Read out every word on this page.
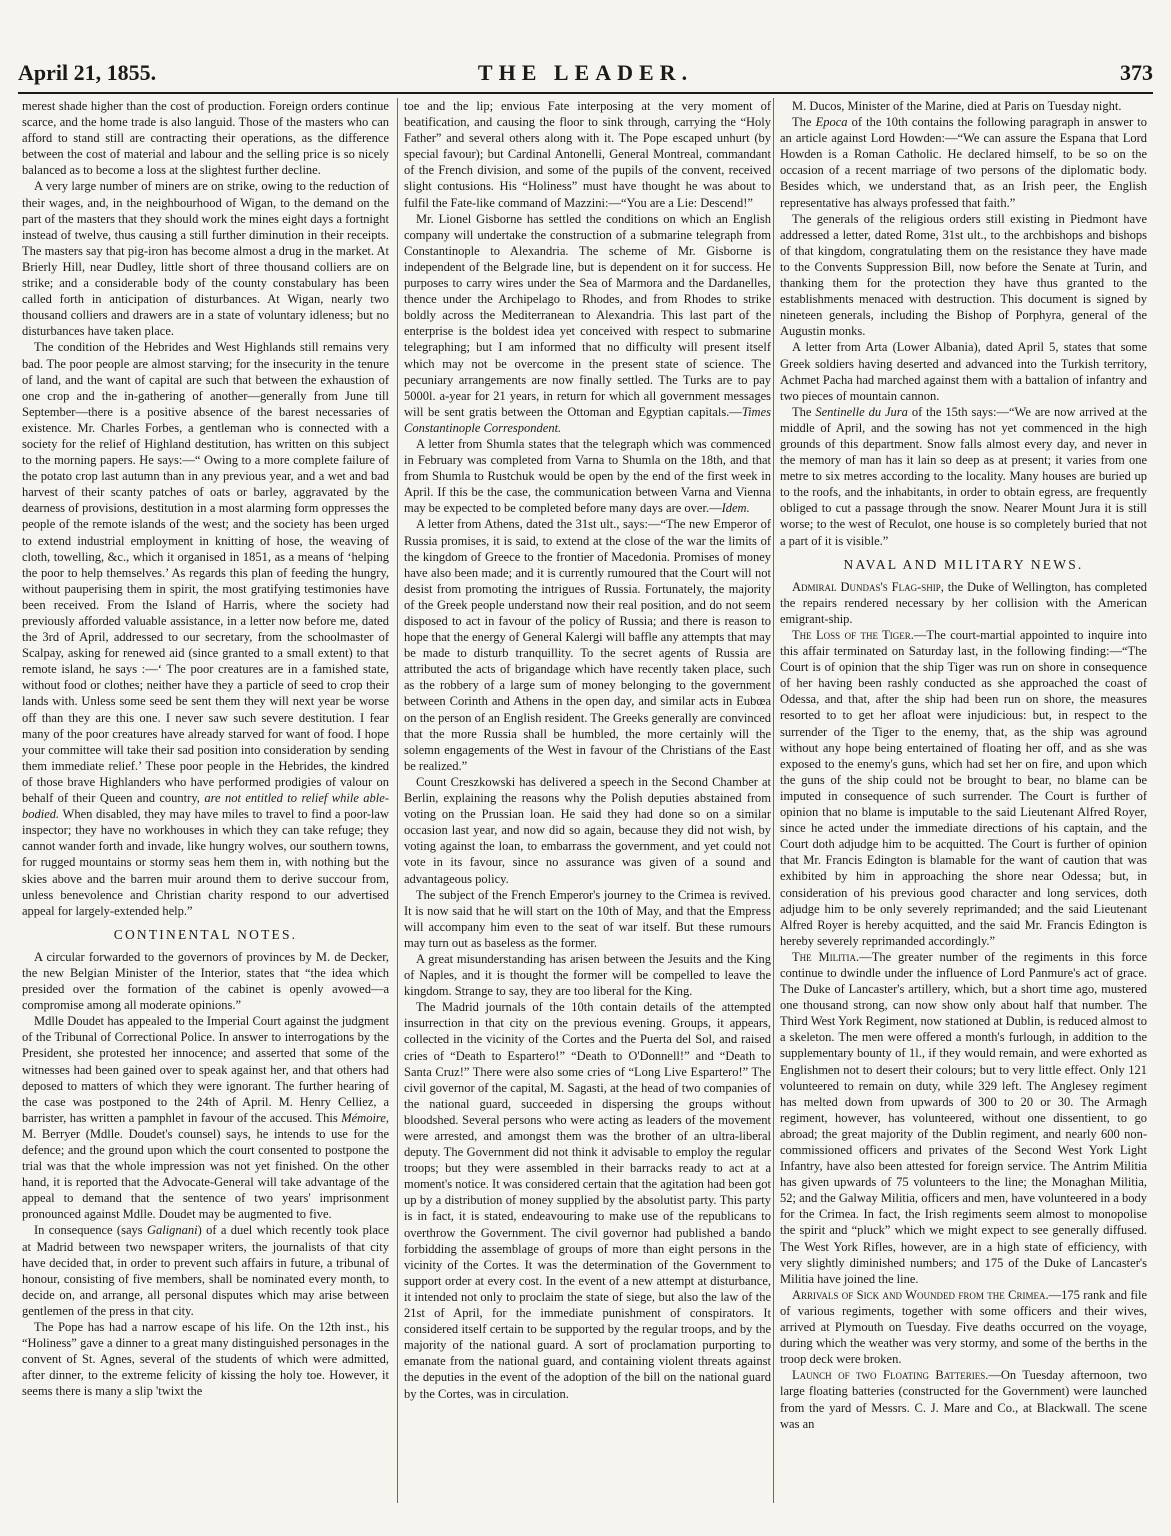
April 21, 1855.	THE LEADER.	373

merest shade higher than the cost of production. Foreign orders continue scarce, and the home trade is also languid. Those of the masters who can afford to stand still are contracting their operations, as the difference between the cost of material and labour and the selling price is so nicely balanced as to become a loss at the slightest further decline.

A very large number of miners are on strike, owing to the reduction of their wages, and, in the neighbourhood of Wigan, to the demand on the part of the masters that they should work the mines eight days a fortnight instead of twelve, thus causing a still further diminution in their receipts. The masters say that pig-iron has become almost a drug in the market. At Brierly Hill, near Dudley, little short of three thousand colliers are on strike; and a considerable body of the county constabulary has been called forth in anticipation of disturbances. At Wigan, nearly two thousand colliers and drawers are in a state of voluntary idleness; but no disturbances have taken place.

The condition of the Hebrides and West Highlands still remains very bad. The poor people are almost starving; for the insecurity in the tenure of land, and the want of capital are such that between the exhaustion of one crop and the in-gathering of another—generally from June till September—there is a positive absence of the barest necessaries of existence. Mr. Charles Forbes, a gentleman who is connected with a society for the relief of Highland destitution, has written on this subject to the morning papers. He says:—“ Owing to a more complete failure of the potato crop last autumn than in any previous year, and a wet and bad harvest of their scanty patches of oats or barley, aggravated by the dearness of provisions, destitution in a most alarming form oppresses the people of the remote islands of the west; and the society has been urged to extend industrial employment in knitting of hose, the weaving of cloth, towelling, &c., which it organised in 1851, as a means of ‘helping the poor to help themselves.’ As regards this plan of feeding the hungry, without pauperising them in spirit, the most gratifying testimonies have been received. From the Island of Harris, where the society had previously afforded valuable assistance, in a letter now before me, dated the 3rd of April, addressed to our secretary, from the schoolmaster of Scalpay, asking for renewed aid (since granted to a small extent) to that remote island, he says :—‘ The poor creatures are in a famished state, without food or clothes; neither have they a particle of seed to crop their lands with. Unless some seed be sent them they will next year be worse off than they are this one. I never saw such severe destitution. I fear many of the poor creatures have already starved for want of food. I hope your committee will take their sad position into consideration by sending them immediate relief.’ These poor people in the Hebrides, the kindred of those brave Highlanders who have performed prodigies of valour on behalf of their Queen and country, are not entitled to relief while able-bodied. When disabled, they may have miles to travel to find a poor-law inspector; they have no workhouses in which they can take refuge; they cannot wander forth and invade, like hungry wolves, our southern towns, for rugged mountains or stormy seas hem them in, with nothing but the skies above and the barren muir around them to derive succour from, unless benevolence and Christian charity respond to our advertised appeal for largely-extended help.”

CONTINENTAL NOTES.

A circular forwarded to the governors of provinces by M. de Decker, the new Belgian Minister of the Interior, states that “the idea which presided over the formation of the cabinet is openly avowed—a compromise among all moderate opinions.”

Mdlle Doudet has appealed to the Imperial Court against the judgment of the Tribunal of Correctional Police. In answer to interrogations by the President, she protested her innocence; and asserted that some of the witnesses had been gained over to speak against her, and that others had deposed to matters of which they were ignorant. The further hearing of the case was postponed to the 24th of April. M. Henry Celliez, a barrister, has written a pamphlet in favour of the accused. This Mémoire, M. Berryer (Mdlle. Doudet's counsel) says, he intends to use for the defence; and the ground upon which the court consented to postpone the trial was that the whole impression was not yet finished. On the other hand, it is reported that the Advocate-General will take advantage of the appeal to demand that the sentence of two years' imprisonment pronounced against Mdlle. Doudet may be augmented to five.

In consequence (says Galignani) of a duel which recently took place at Madrid between two newspaper writers, the journalists of that city have decided that, in order to prevent such affairs in future, a tribunal of honour, consisting of five members, shall be nominated every month, to decide on, and arrange, all personal disputes which may arise between gentlemen of the press in that city.

The Pope has had a narrow escape of his life. On the 12th inst., his “Holiness” gave a dinner to a great many distinguished personages in the convent of St. Agnes, several of the students of which were admitted, after dinner, to the extreme felicity of kissing the holy toe. However, it seems there is many a slip 'twixt the

toe and the lip; envious Fate interposing at the very moment of beatification, and causing the floor to sink through, carrying the “Holy Father” and several others along with it. The Pope escaped unhurt (by special favour); but Cardinal Antonelli, General Montreal, commandant of the French division, and some of the pupils of the convent, received slight contusions. His “Holiness” must have thought he was about to fulfil the Fate-like command of Mazzini:—“You are a Lie: Descend!”

Mr. Lionel Gisborne has settled the conditions on which an English company will undertake the construction of a submarine telegraph from Constantinople to Alexandria. The scheme of Mr. Gisborne is independent of the Belgrade line, but is dependent on it for success. He purposes to carry wires under the Sea of Marmora and the Dardanelles, thence under the Archipelago to Rhodes, and from Rhodes to strike boldly across the Mediterranean to Alexandria. This last part of the enterprise is the boldest idea yet conceived with respect to submarine telegraphing; but I am informed that no difficulty will present itself which may not be overcome in the present state of science. The pecuniary arrangements are now finally settled. The Turks are to pay 5000l. a-year for 21 years, in return for which all government messages will be sent gratis between the Ottoman and Egyptian capitals.—Times Constantinople Correspondent.

A letter from Shumla states that the telegraph which was commenced in February was completed from Varna to Shumla on the 18th, and that from Shumla to Rustchuk would be open by the end of the first week in April. If this be the case, the communication between Varna and Vienna may be expected to be completed before many days are over.—Idem.

A letter from Athens, dated the 31st ult., says:—“The new Emperor of Russia promises, it is said, to extend at the close of the war the limits of the kingdom of Greece to the frontier of Macedonia. Promises of money have also been made; and it is currently rumoured that the Court will not desist from promoting the intrigues of Russia. Fortunately, the majority of the Greek people understand now their real position, and do not seem disposed to act in favour of the policy of Russia; and there is reason to hope that the energy of General Kalergi will baffle any attempts that may be made to disturb tranquillity. To the secret agents of Russia are attributed the acts of brigandage which have recently taken place, such as the robbery of a large sum of money belonging to the government between Corinth and Athens in the open day, and similar acts in Eubœa on the person of an English resident. The Greeks generally are convinced that the more Russia shall be humbled, the more certainly will the solemn engagements of the West in favour of the Christians of the East be realized.”

Count Creszkowski has delivered a speech in the Second Chamber at Berlin, explaining the reasons why the Polish deputies abstained from voting on the Prussian loan. He said they had done so on a similar occasion last year, and now did so again, because they did not wish, by voting against the loan, to embarrass the government, and yet could not vote in its favour, since no assurance was given of a sound and advantageous policy.

The subject of the French Emperor's journey to the Crimea is revived. It is now said that he will start on the 10th of May, and that the Empress will accompany him even to the seat of war itself. But these rumours may turn out as baseless as the former.

A great misunderstanding has arisen between the Jesuits and the King of Naples, and it is thought the former will be compelled to leave the kingdom. Strange to say, they are too liberal for the King.

The Madrid journals of the 10th contain details of the attempted insurrection in that city on the previous evening. Groups, it appears, collected in the vicinity of the Cortes and the Puerta del Sol, and raised cries of “Death to Espartero!” “Death to O'Donnell!” and “Death to Santa Cruz!” There were also some cries of “Long Live Espartero!” The civil governor of the capital, M. Sagasti, at the head of two companies of the national guard, succeeded in dispersing the groups without bloodshed. Several persons who were acting as leaders of the movement were arrested, and amongst them was the brother of an ultra-liberal deputy. The Government did not think it advisable to employ the regular troops; but they were assembled in their barracks ready to act at a moment's notice. It was considered certain that the agitation had been got up by a distribution of money supplied by the absolutist party. This party is in fact, it is stated, endeavouring to make use of the republicans to overthrow the Government. The civil governor had published a bando forbidding the assemblage of groups of more than eight persons in the vicinity of the Cortes. It was the determination of the Government to support order at every cost. In the event of a new attempt at disturbance, it intended not only to proclaim the state of siege, but also the law of the 21st of April, for the immediate punishment of conspirators. It considered itself certain to be supported by the regular troops, and by the majority of the national guard. A sort of proclamation purporting to emanate from the national guard, and containing violent threats against the deputies in the event of the adoption of the bill on the national guard by the Cortes, was in circulation.

M. Ducos, Minister of the Marine, died at Paris on Tuesday night.

The Epoca of the 10th contains the following paragraph in answer to an article against Lord Howden:—“We can assure the Espana that Lord Howden is a Roman Catholic. He declared himself, to be so on the occasion of a recent marriage of two persons of the diplomatic body. Besides which, we understand that, as an Irish peer, the English representative has always professed that faith.”

The generals of the religious orders still existing in Piedmont have addressed a letter, dated Rome, 31st ult., to the archbishops and bishops of that kingdom, congratulating them on the resistance they have made to the Convents Suppression Bill, now before the Senate at Turin, and thanking them for the protection they have thus granted to the establishments menaced with destruction. This document is signed by nineteen generals, including the Bishop of Porphyra, general of the Augustin monks.

A letter from Arta (Lower Albania), dated April 5, states that some Greek soldiers having deserted and advanced into the Turkish territory, Achmet Pacha had marched against them with a battalion of infantry and two pieces of mountain cannon.

The Sentinelle du Jura of the 15th says:—“We are now arrived at the middle of April, and the sowing has not yet commenced in the high grounds of this department. Snow falls almost every day, and never in the memory of man has it lain so deep as at present; it varies from one metre to six metres according to the locality. Many houses are buried up to the roofs, and the inhabitants, in order to obtain egress, are frequently obliged to cut a passage through the snow. Nearer Mount Jura it is still worse; to the west of Reculot, one house is so completely buried that not a part of it is visible.”

NAVAL AND MILITARY NEWS.

Admiral Dundas's Flag-ship, the Duke of Wellington, has completed the repairs rendered necessary by her collision with the American emigrant-ship.

The Loss of the Tiger.—The court-martial appointed to inquire into this affair terminated on Saturday last, in the following finding:—“The Court is of opinion that the ship Tiger was run on shore in consequence of her having been rashly conducted as she approached the coast of Odessa, and that, after the ship had been run on shore, the measures resorted to to get her afloat were injudicious: but, in respect to the surrender of the Tiger to the enemy, that, as the ship was aground without any hope being entertained of floating her off, and as she was exposed to the enemy's guns, which had set her on fire, and upon which the guns of the ship could not be brought to bear, no blame can be imputed in consequence of such surrender. The Court is further of opinion that no blame is imputable to the said Lieutenant Alfred Royer, since he acted under the immediate directions of his captain, and the Court doth adjudge him to be acquitted. The Court is further of opinion that Mr. Francis Edington is blamable for the want of caution that was exhibited by him in approaching the shore near Odessa; but, in consideration of his previous good character and long services, doth adjudge him to be only severely reprimanded; and the said Lieutenant Alfred Royer is hereby acquitted, and the said Mr. Francis Edington is hereby severely reprimanded accordingly.”

The Militia.—The greater number of the regiments in this force continue to dwindle under the influence of Lord Panmure's act of grace. The Duke of Lancaster's artillery, which, but a short time ago, mustered one thousand strong, can now show only about half that number. The Third West York Regiment, now stationed at Dublin, is reduced almost to a skeleton. The men were offered a month's furlough, in addition to the supplementary bounty of 1l., if they would remain, and were exhorted as Englishmen not to desert their colours; but to very little effect. Only 121 volunteered to remain on duty, while 329 left. The Anglesey regiment has melted down from upwards of 300 to 20 or 30. The Armagh regiment, however, has volunteered, without one dissentient, to go abroad; the great majority of the Dublin regiment, and nearly 600 non-commissioned officers and privates of the Second West York Light Infantry, have also been attested for foreign service. The Antrim Militia has given upwards of 75 volunteers to the line; the Monaghan Militia, 52; and the Galway Militia, officers and men, have volunteered in a body for the Crimea. In fact, the Irish regiments seem almost to monopolise the spirit and “pluck” which we might expect to see generally diffused. The West York Rifles, however, are in a high state of efficiency, with very slightly diminished numbers; and 175 of the Duke of Lancaster's Militia have joined the line.

Arrivals of Sick and Wounded from the Crimea.—175 rank and file of various regiments, together with some officers and their wives, arrived at Plymouth on Tuesday. Five deaths occurred on the voyage, during which the weather was very stormy, and some of the berths in the troop deck were broken.

Launch of two Floating Batteries.—On Tuesday afternoon, two large floating batteries (constructed for the Government) were launched from the yard of Messrs. C. J. Mare and Co., at Blackwall. The scene was an
